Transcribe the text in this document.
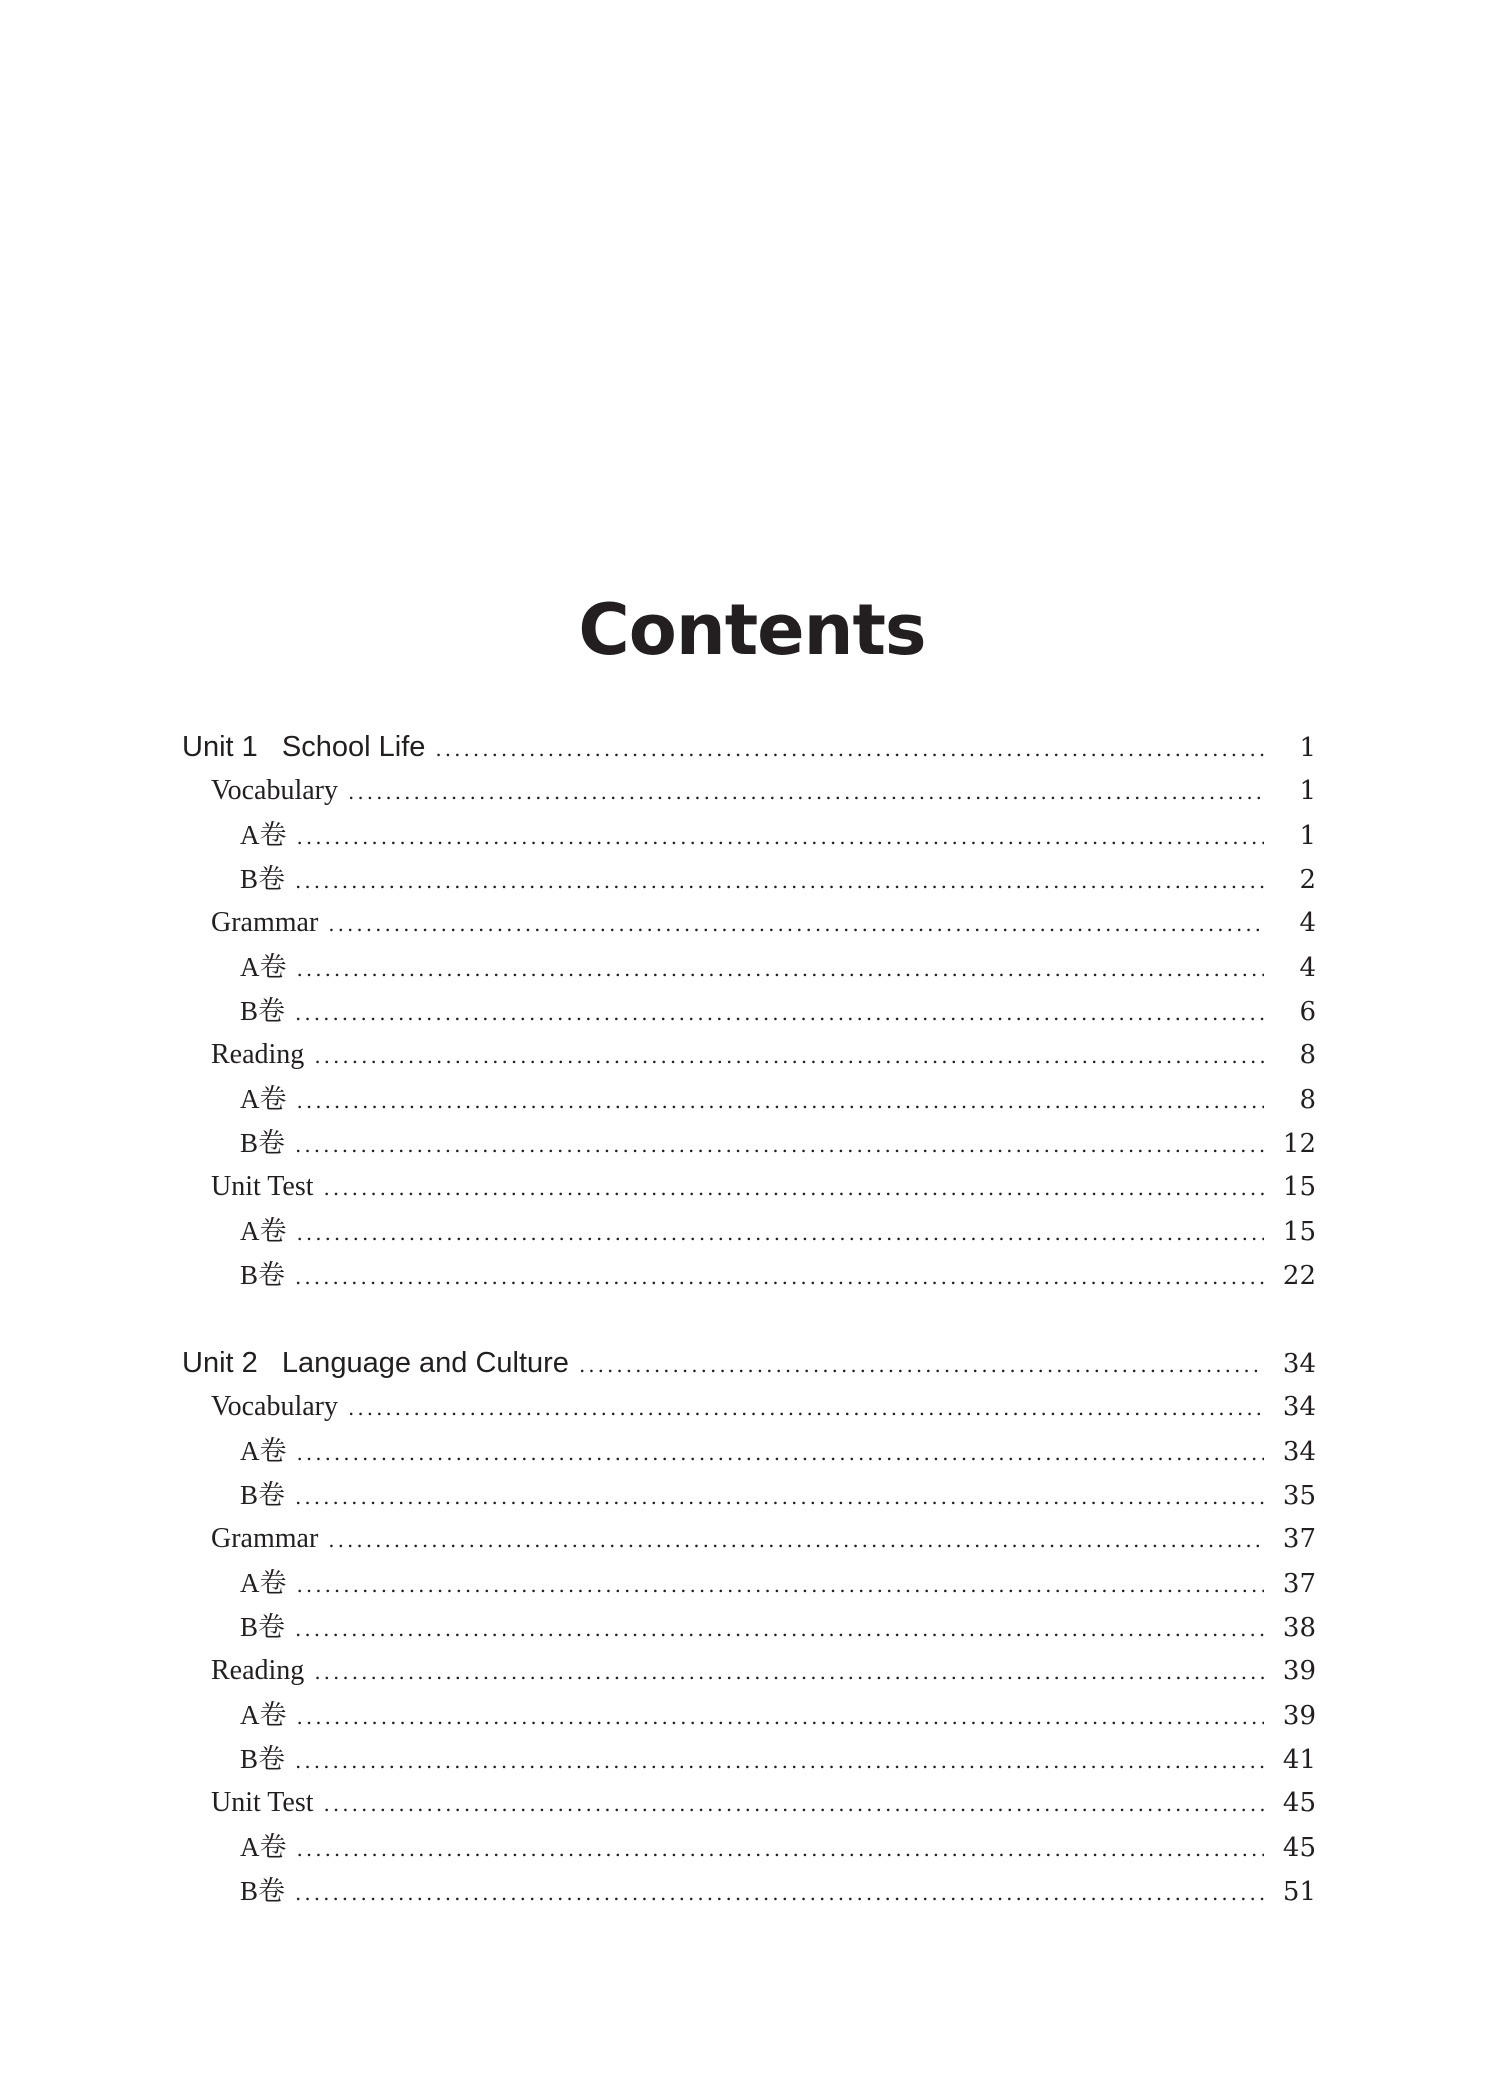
Contents
Unit 1   School Life .....	1
Vocabulary .....	1
A卷 .....	1
B卷 .....	2
Grammar .....	4
A卷 .....	4
B卷 .....	6
Reading .....	8
A卷 .....	8
B卷 .....	12
Unit Test .....	15
A卷 .....	15
B卷 .....	22
Unit 2   Language and Culture .....	34
Vocabulary .....	34
A卷 .....	34
B卷 .....	35
Grammar .....	37
A卷 .....	37
B卷 .....	38
Reading .....	39
A卷 .....	39
B卷 .....	41
Unit Test .....	45
A卷 .....	45
B卷 .....	51
